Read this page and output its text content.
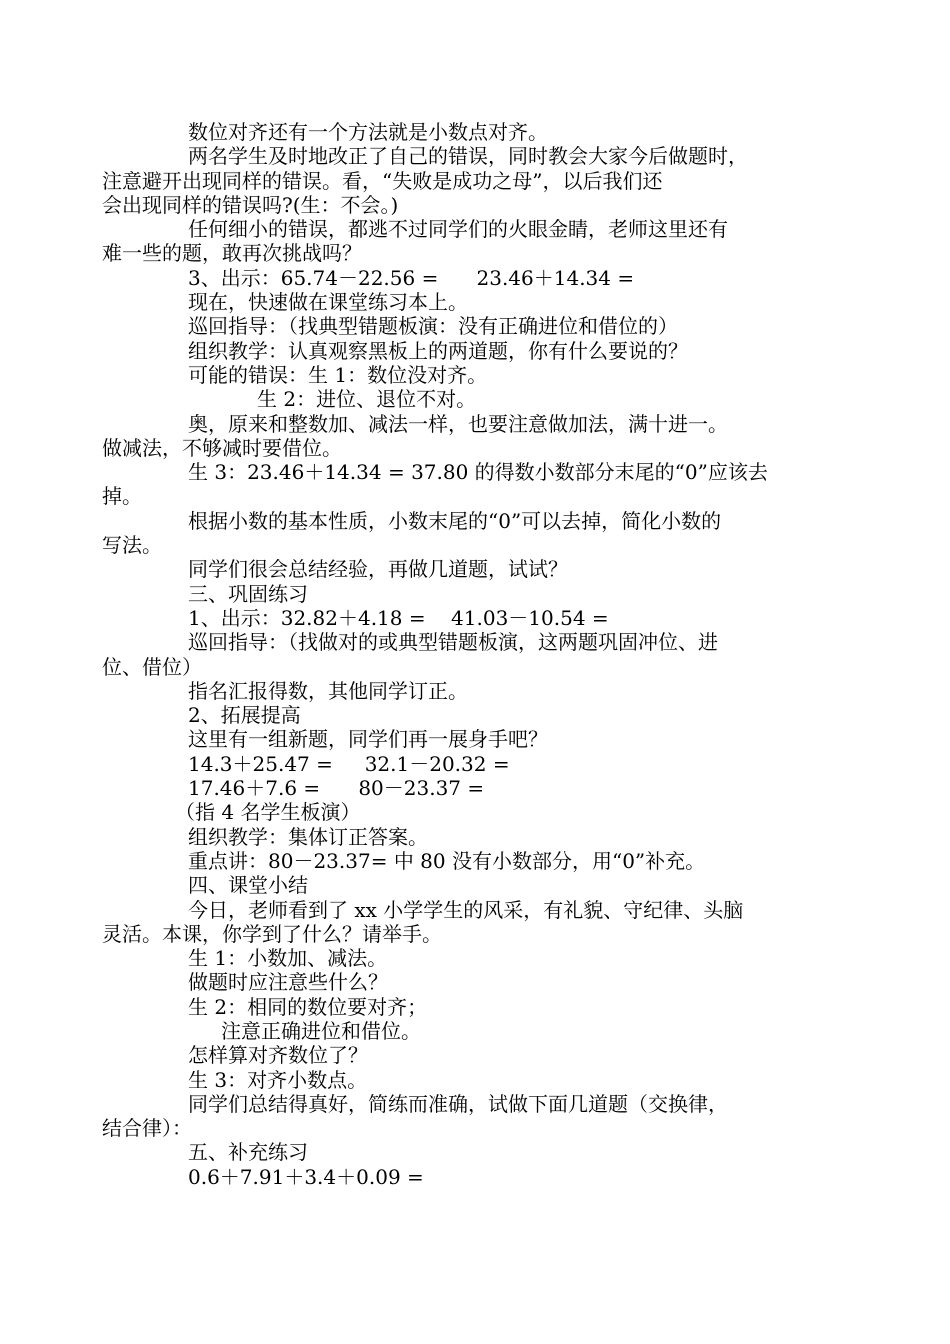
数位对齐还有一个方法就是小数点对齐。

两名学生及时地改正了自己的错误，同时教会大家今后做题时，
注意避开出现同样的错误。看，“失败是成功之母”，以后我们还
会出现同样的错误吗?(生：不会。)

任何细小的错误，都逃不过同学们的火眼金睛，老师这里还有
难一些的题，敢再次挑战吗？

3、出示：65.74－22.56 =      23.46＋14.34 =

现在，快速做在课堂练习本上。

巡回指导：（找典型错题板演：没有正确进位和借位的）

组织教学：认真观察黑板上的两道题，你有什么要说的？

可能的错误：生 1：数位没对齐。

生 2：进位、退位不对。

奥，原来和整数加、减法一样，也要注意做加法，满十进一。
做减法，不够减时要借位。

生 3：23.46＋14.34 = 37.80 的得数小数部分末尾的“0”应该去
掉。

根据小数的基本性质，小数末尾的“0”可以去掉，简化小数的
写法。

同学们很会总结经验，再做几道题，试试？

三、巩固练习

1、出示：32.82＋4.18 =    41.03－10.54 =

巡回指导：（找做对的或典型错题板演，这两题巩固冲位、进
位、借位）

指名汇报得数，其他同学订正。

2、拓展提高

这里有一组新题，同学们再一展身手吧？

14.3＋25.47 =     32.1－20.32 =

17.46＋7.6 =      80－23.37 =

（指 4 名学生板演）

组织教学：集体订正答案。

重点讲：80－23.37= 中 80 没有小数部分，用“0”补充。

四、课堂小结

今日，老师看到了 xx 小学学生的风采，有礼貌、守纪律、头脑
灵活。本课，你学到了什么？请举手。

生 1：小数加、减法。

做题时应注意些什么？

生 2：相同的数位要对齐；

注意正确进位和借位。

怎样算对齐数位了？

生 3：对齐小数点。

同学们总结得真好，简练而准确，试做下面几道题（交换律，
结合律）：

五、补充练习

0.6＋7.91＋3.4＋0.09 =
